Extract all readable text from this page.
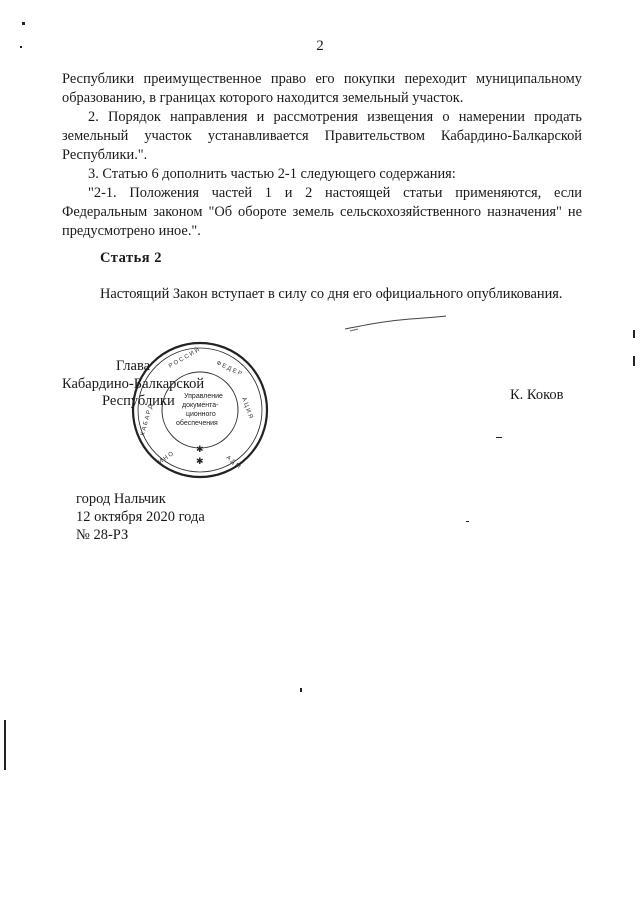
2

Республики преимущественное право его покупки переходит муниципальному образованию, в границах которого находится земельный участок.

2. Порядок направления и рассмотрения извещения о намерении продать земельный участок устанавливается Правительством Кабардино-Балкарской Республики.".

3. Статью 6 дополнить частью 2-1 следующего содержания:

"2-1. Положения частей 1 и 2 настоящей статьи применяются, если Федеральным законом "Об обороте земель сельскохозяйственного назначения" не предусмотрено иное.".

Статья 2

Настоящий Закон вступает в силу со дня его официального опубликования.

Р О С С И Й Ф Е Д Е Р
А Ц И Я
К А Б А Р Д
И Н О	А Д М
Управление
документа-
ционного
обеспечения
✱
✱
Глава
Кабардино-Балкарской
Республики	К. Коков
город Нальчик
12 октября 2020 года
№ 28-РЗ
